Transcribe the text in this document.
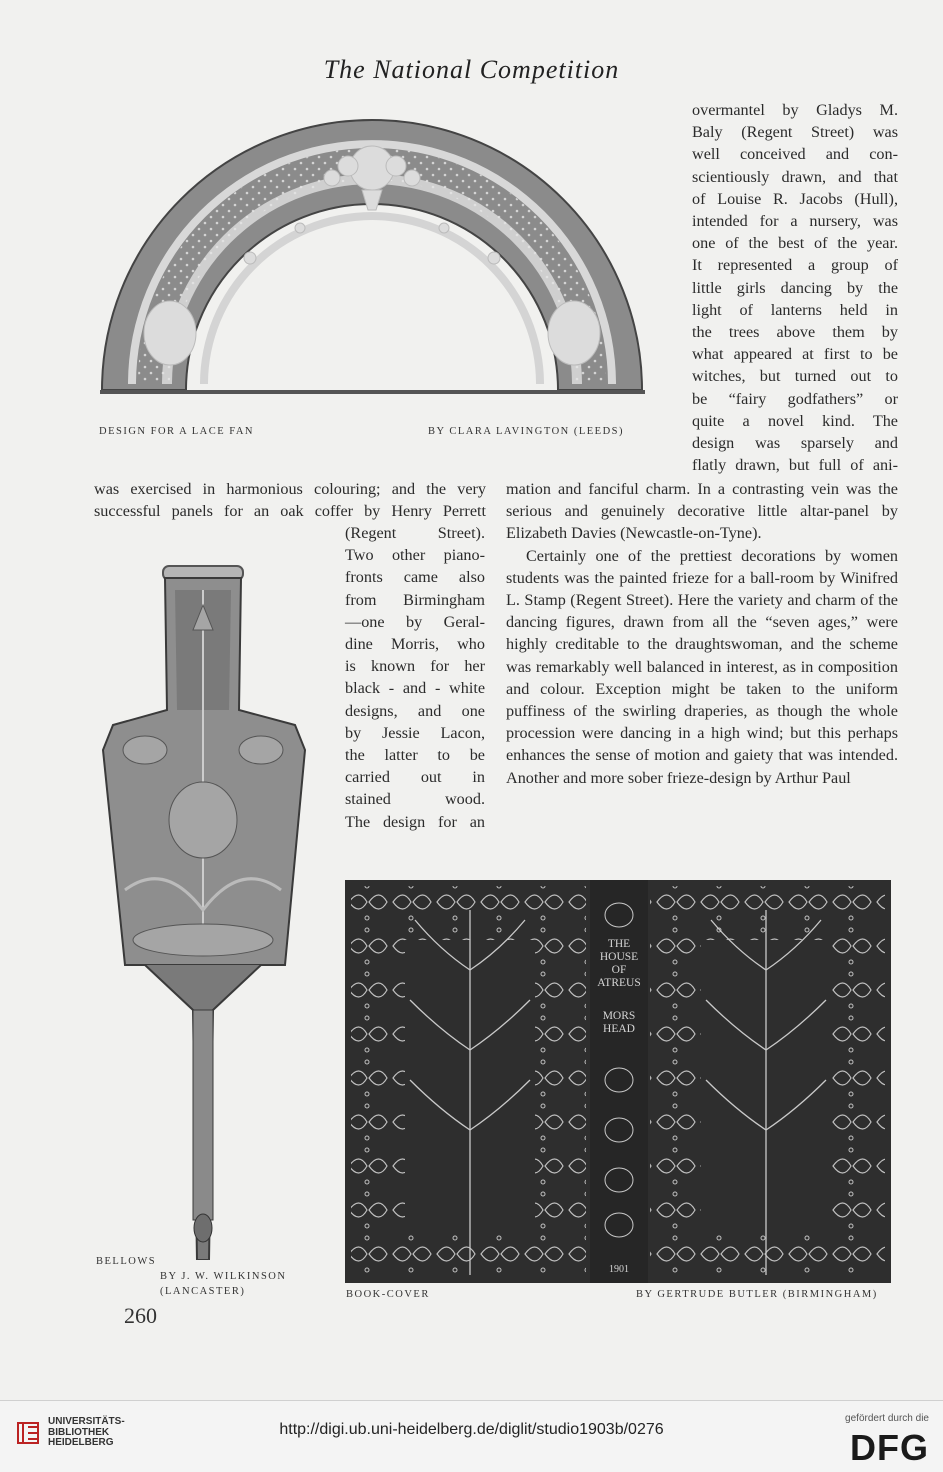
The National Competition
DESIGN FOR A LACE FAN	BY CLARA LAVINGTON (LEEDS)

overmantel by Gladys M.

Baly (Regent Street) was

well conceived and con-

scientiously drawn, and that

of Louise R. Jacobs (Hull),

intended for a nursery, was

one of the best of the year.

It represented a group of

little girls dancing by the

light of lanterns held in

the trees above them by

what appeared at first to be

witches, but turned out to

be “fairy godfathers” or

quite a novel kind. The

design was sparsely and

flatly drawn, but full of ani-

was exercised in harmonious colouring; and the very

successful panels for an oak coffer by Henry Perrett

(Regent Street).

Two other piano-

fronts came also

from Birmingham

—one by Geral-

dine Morris, who

is known for her

black - and - white

designs, and one

by Jessie Lacon,

the latter to be

carried out in

stained wood.

The design for an

mation and fanciful charm. In a contrasting vein was the serious and genuinely decorative little altar-panel by Elizabeth Davies (Newcastle-on-Tyne).

Certainly one of the prettiest decorations by women students was the painted frieze for a ball-room by Winifred L. Stamp (Regent Street). Here the variety and charm of the dancing figures, drawn from all the “seven ages,” were highly creditable to the draughtswoman, and the scheme was remarkably well balanced in interest, as in composition and colour. Exception might be taken to the uniform puffiness of the swirling draperies, as though the whole procession were dancing in a high wind; but this perhaps enhances the sense of motion and gaiety that was intended. Another and more sober frieze-design by Arthur Paul

BELLOWS
BY J. W. WILKINSON
(LANCASTER)
THE
HOUSE
OF
ATREUS
MORS
HEAD
1901
BOOK-COVER	BY GERTRUDE BUTLER (BIRMINGHAM)
260
UNIVERSITÄTS-
BIBLIOTHEK
HEIDELBERG
http://digi.ub.uni-heidelberg.de/diglit/studio1903b/0276
gefördert durch die
DFG
